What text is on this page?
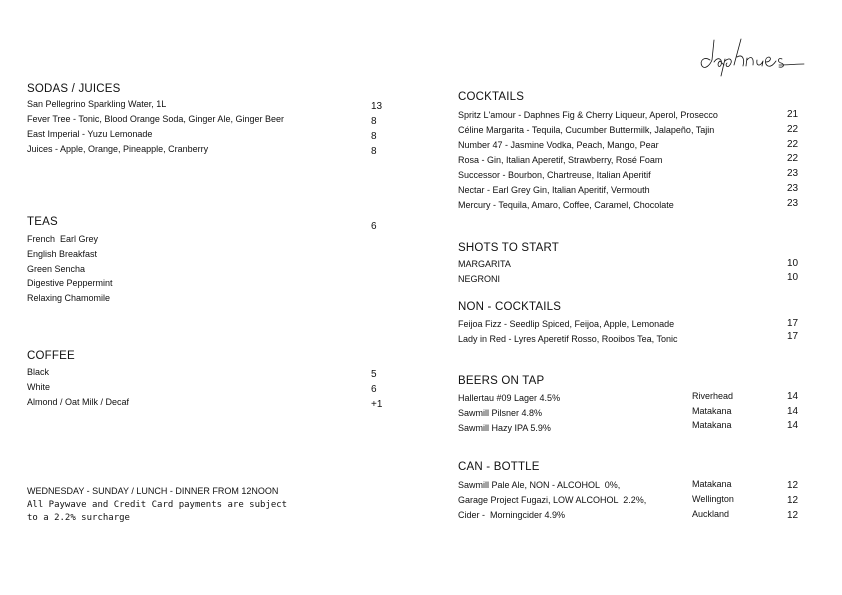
SODAS / JUICES
San Pellegrino Sparkling Water, 1L	13
Fever Tree - Tonic, Blood Orange Soda, Ginger Ale, Ginger Beer	8
East Imperial - Yuzu Lemonade	8
Juices - Apple, Orange, Pineapple, Cranberry	8
TEAS	6
French  Earl Grey
English Breakfast
Green Sencha
Digestive Peppermint
Relaxing Chamomile
COFFEE
Black	5
White	6
Almond / Oat Milk / Decaf	+1
WEDNESDAY - SUNDAY / LUNCH - DINNER FROM 12NOON
All Paywave and Credit Card payments are subject
to a 2.2% surcharge
COCKTAILS
Spritz L'amour - Daphnes Fig & Cherry Liqueur, Aperol, Prosecco	21
Céline Margarita - Tequila, Cucumber Buttermilk, Jalapeño, Tajin	22
Number 47 - Jasmine Vodka, Peach, Mango, Pear	22
Rosa - Gin, Italian Aperetif, Strawberry, Rosé Foam	22
Successor - Bourbon, Chartreuse, Italian Aperitif	23
Nectar - Earl Grey Gin, Italian Aperitif, Vermouth	23
Mercury - Tequila, Amaro, Coffee, Caramel, Chocolate	23
SHOTS TO START
MARGARITA	10
NEGRONI	10
NON - COCKTAILS
Feijoa Fizz - Seedlip Spiced, Feijoa, Apple, Lemonade	17
Lady in Red - Lyres Aperetif Rosso, Rooibos Tea, Tonic	17
BEERS ON TAP
Hallertau #09 Lager 4.5%	Riverhead	14
Sawmill Pilsner 4.8%	Matakana	14
Sawmill Hazy IPA 5.9%	Matakana	14
CAN - BOTTLE
Sawmill Pale Ale, NON - ALCOHOL  0%,	Matakana	12
Garage Project Fugazi, LOW ALCOHOL  2.2%,	Wellington	12
Cider -  Morningcider 4.9%	Auckland	12
